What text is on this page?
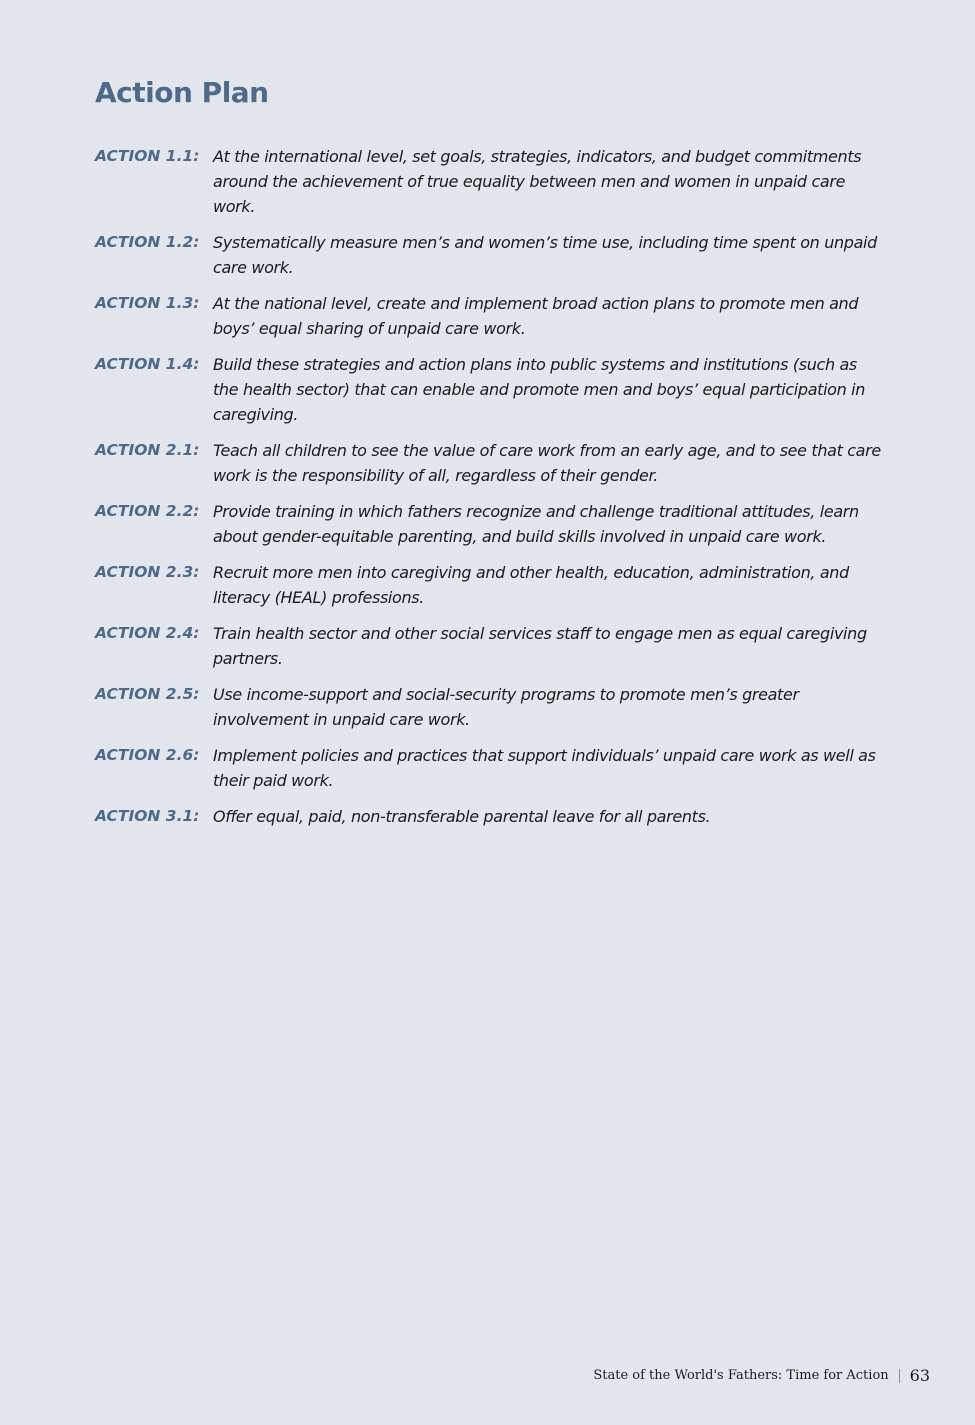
Action Plan
ACTION 1.1: At the international level, set goals, strategies, indicators, and budget commitments around the achievement of true equality between men and women in unpaid care work.
ACTION 1.2: Systematically measure men’s and women’s time use, including time spent on unpaid care work.
ACTION 1.3: At the national level, create and implement broad action plans to promote men and boys’ equal sharing of unpaid care work.
ACTION 1.4: Build these strategies and action plans into public systems and institutions (such as the health sector) that can enable and promote men and boys’ equal participation in caregiving.
ACTION 2.1: Teach all children to see the value of care work from an early age, and to see that care work is the responsibility of all, regardless of their gender.
ACTION 2.2: Provide training in which fathers recognize and challenge traditional attitudes, learn about gender-equitable parenting, and build skills involved in unpaid care work.
ACTION 2.3: Recruit more men into caregiving and other health, education, administration, and literacy (HEAL) professions.
ACTION 2.4: Train health sector and other social services staff to engage men as equal caregiving partners.
ACTION 2.5: Use income-support and social-security programs to promote men’s greater involvement in unpaid care work.
ACTION 2.6: Implement policies and practices that support individuals’ unpaid care work as well as their paid work.
ACTION 3.1: Offer equal, paid, non-transferable parental leave for all parents.
State of the World's Fathers: Time for Action 63
